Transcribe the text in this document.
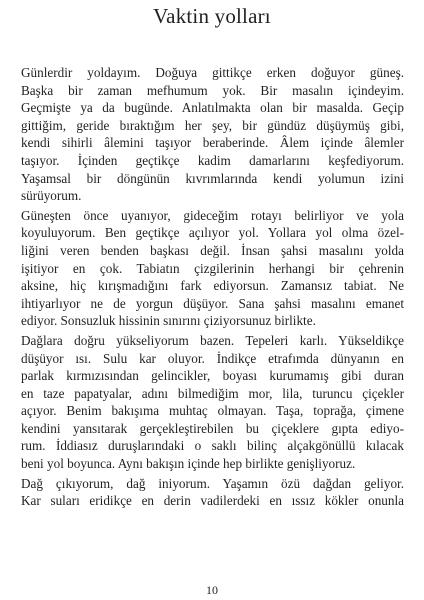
Vaktin yolları
Günlerdir yoldayım. Doğuya gittikçe erken doğuyor güneş.
Başka bir zaman mefhumum yok. Bir masalın içindeyim.
Geçmişte ya da bugünde. Anlatılmakta olan bir masalda. Geçip
gittiğim, geride bıraktığım her şey, bir gündüz düşüymüş gibi,
kendi sihirli âlemini taşıyor beraberinde. Âlem içinde âlemler
taşıyor. İçinden geçtikçe kadim damarlarını keşfediyorum.
Yaşamsal bir döngünün kıvrımlarında kendi yolumun izini
sürüyorum.
Güneşten önce uyanıyor, gideceğim rotayı belirliyor ve yola
koyuluyorum. Ben geçtikçe açılıyor yol. Yollara yol olma özel-
liğini veren benden başkası değil. İnsan şahsi masalını yolda
işitiyor en çok. Tabiatın çizgilerinin herhangi bir çehrenin
aksine, hiç kırışmadığını fark ediyorsun. Zamansız tabiat. Ne
ihtiyarlıyor ne de yorgun düşüyor. Sana şahsi masalını emanet
ediyor. Sonsuzluk hissinin sınırını çiziyorsunuz birlikte.
Dağlara doğru yükseliyorum bazen. Tepeleri karlı. Yükseldikçe
düşüyor ısı. Sulu kar oluyor. İndikçe etrafımda dünyanın en
parlak kırmızısından gelincikler, boyası kurumamış gibi duran
en taze papatyalar, adını bilmediğim mor, lila, turuncu çiçekler
açıyor. Benim bakışıma muhtaç olmayan. Taşa, toprağa, çimene
kendini yansıtarak gerçekleştirebilen bu çiçeklere gıpta ediyo-
rum. İddiasız duruşlarındaki o saklı bilinç alçakgönüllü kılacak
beni yol boyunca. Aynı bakışın içinde hep birlikte genişliyoruz.
Dağ çıkıyorum, dağ iniyorum. Yaşamın özü dağdan geliyor.
Kar suları eridikçe en derin vadilerdeki en ıssız kökler onunla
10
